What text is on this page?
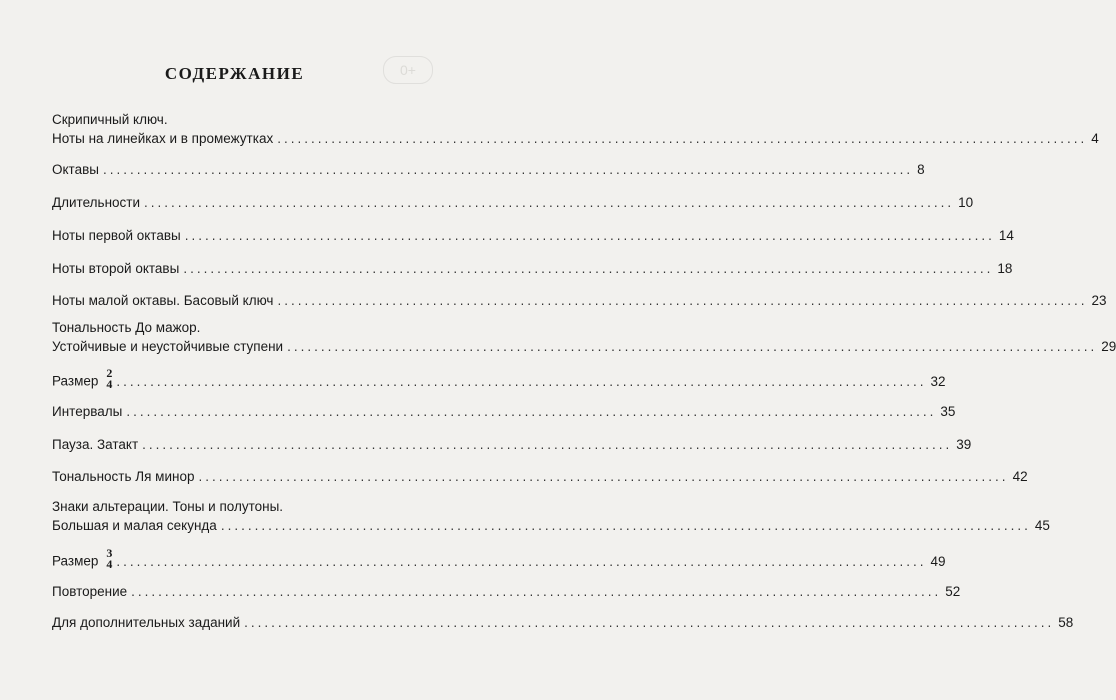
0+
СОДЕРЖАНИЕ
Скрипичный ключ.
Ноты на линейках и в промежутках ........................................................................................................................ 4
Октавы ........................................................................................................................ 8
Длительности ........................................................................................................................ 10
Ноты первой октавы ........................................................................................................................ 14
Ноты второй октавы ........................................................................................................................ 18
Ноты малой октавы. Басовый ключ ........................................................................................................................ 23
Тональность До мажор.
Устойчивые и неустойчивые ступени ........................................................................................................................ 29
Размер
2
4 ........................................................................................................................ 32
Интервалы ........................................................................................................................ 35
Пауза. Затакт ........................................................................................................................ 39
Тональность Ля минор ........................................................................................................................ 42
Знаки альтерации. Тоны и полутоны.
Большая и малая секунда ........................................................................................................................ 45
Размер
3
4 ........................................................................................................................ 49
Повторение ........................................................................................................................ 52
Для дополнительных заданий ........................................................................................................................ 58
